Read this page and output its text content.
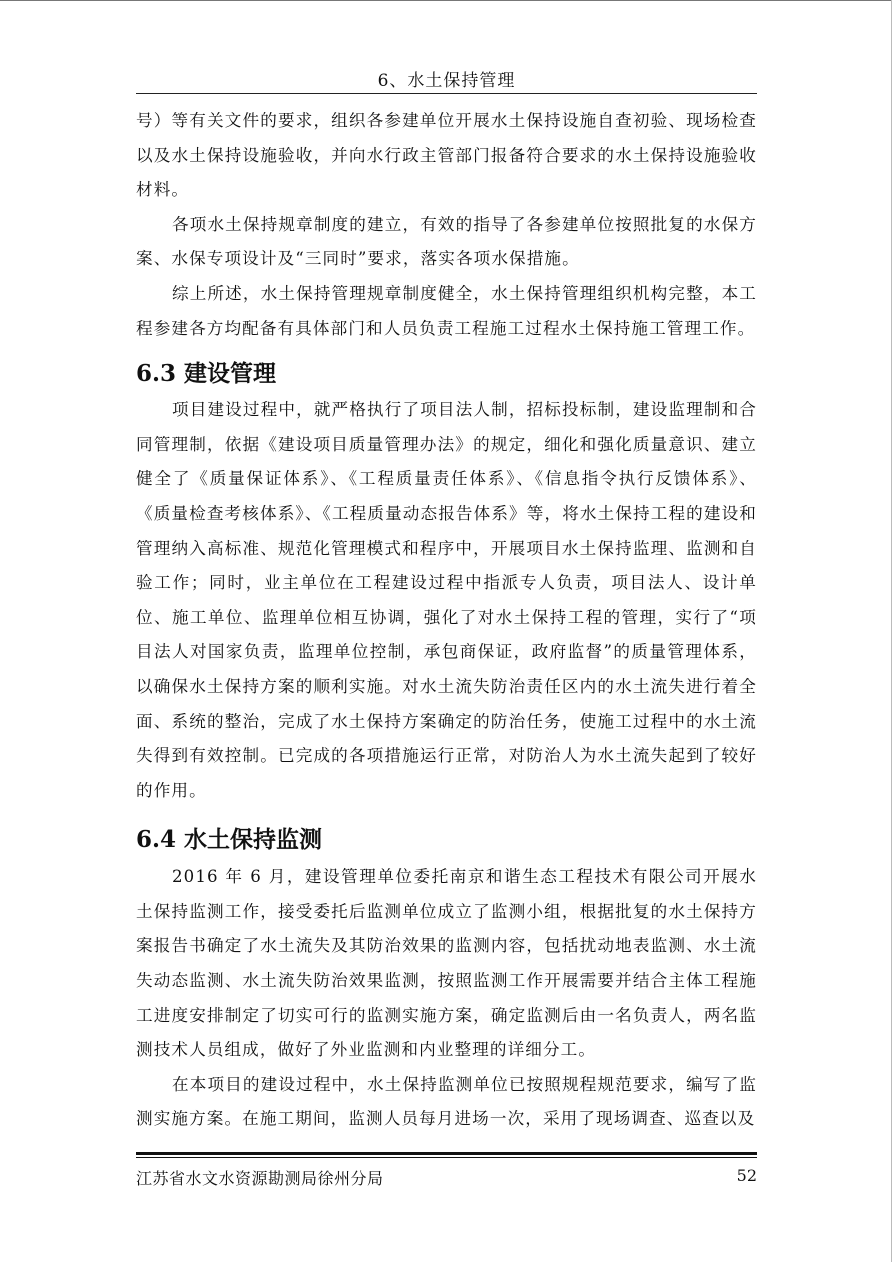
6、水土保持管理

号）等有关文件的要求，组织各参建单位开展水土保持设施自查初验、现场检查以及水土保持设施验收，并向水行政主管部门报备符合要求的水土保持设施验收材料。

各项水土保持规章制度的建立，有效的指导了各参建单位按照批复的水保方案、水保专项设计及“三同时”要求，落实各项水保措施。

综上所述，水土保持管理规章制度健全，水土保持管理组织机构完整，本工程参建各方均配备有具体部门和人员负责工程施工过程水土保持施工管理工作。

6.3 建设管理

项目建设过程中，就严格执行了项目法人制，招标投标制，建设监理制和合同管理制，依据《建设项目质量管理办法》的规定，细化和强化质量意识、建立健全了《质量保证体系》、《工程质量责任体系》、《信息指令执行反馈体系》、《质量检查考核体系》、《工程质量动态报告体系》等，将水土保持工程的建设和管理纳入高标准、规范化管理模式和程序中，开展项目水土保持监理、监测和自验工作；同时，业主单位在工程建设过程中指派专人负责，项目法人、设计单位、施工单位、监理单位相互协调，强化了对水土保持工程的管理，实行了“项目法人对国家负责，监理单位控制，承包商保证，政府监督”的质量管理体系，以确保水土保持方案的顺利实施。对水土流失防治责任区内的水土流失进行着全面、系统的整治，完成了水土保持方案确定的防治任务，使施工过程中的水土流失得到有效控制。已完成的各项措施运行正常，对防治人为水土流失起到了较好的作用。

6.4 水土保持监测

2016 年 6 月，建设管理单位委托南京和谐生态工程技术有限公司开展水土保持监测工作，接受委托后监测单位成立了监测小组，根据批复的水土保持方案报告书确定了水土流失及其防治效果的监测内容，包括扰动地表监测、水土流失动态监测、水土流失防治效果监测，按照监测工作开展需要并结合主体工程施工进度安排制定了切实可行的监测实施方案，确定监测后由一名负责人，两名监测技术人员组成，做好了外业监测和内业整理的详细分工。

在本项目的建设过程中，水土保持监测单位已按照规程规范要求，编写了监测实施方案。在施工期间，监测人员每月进场一次，采用了现场调查、巡查以及

江苏省水文水资源勘测局徐州分局	52
